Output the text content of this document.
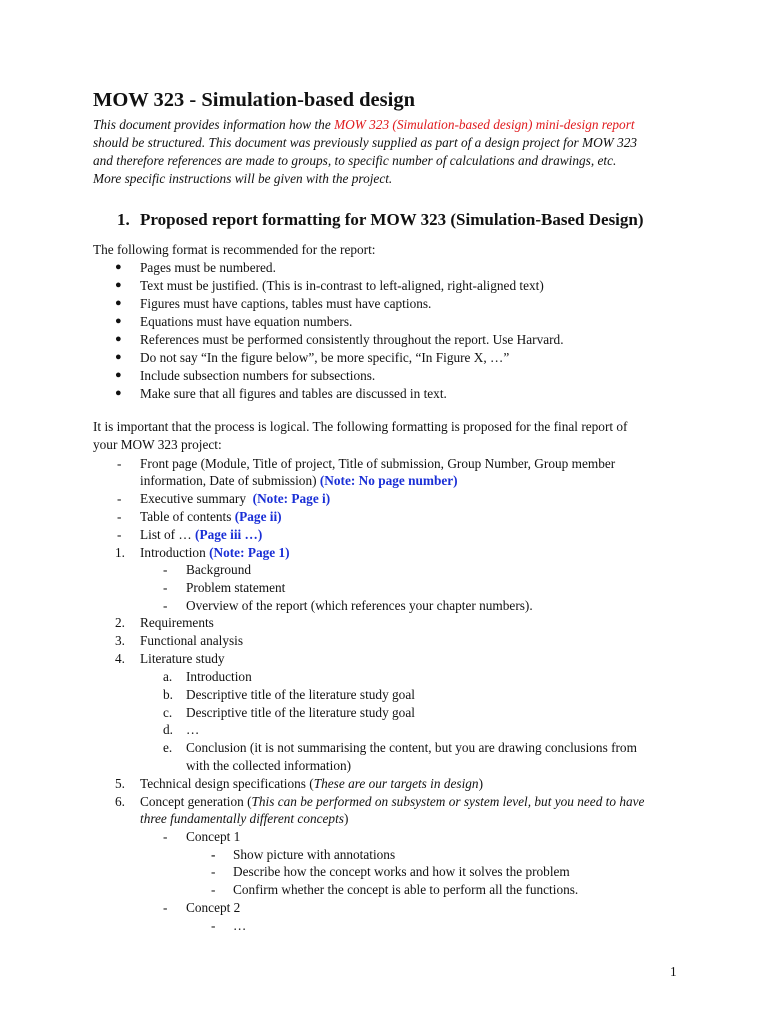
MOW 323 - Simulation-based design
This document provides information how the MOW 323 (Simulation-based design) mini-design report
should be structured. This document was previously supplied as part of a design project for MOW 323
and therefore references are made to groups, to specific number of calculations and drawings, etc.
More specific instructions will be given with the project.
1. Proposed report formatting for MOW 323 (Simulation-Based Design)
The following format is recommended for the report:
● Pages must be numbered.
● Text must be justified. (This is in-contrast to left-aligned, right-aligned text)
● Figures must have captions, tables must have captions.
● Equations must have equation numbers.
● References must be performed consistently throughout the report. Use Harvard.
● Do not say “In the figure below”, be more specific, “In Figure X, …”
● Include subsection numbers for subsections.
● Make sure that all figures and tables are discussed in text.
It is important that the process is logical. The following formatting is proposed for the final report of
your MOW 323 project:
- Front page (Module, Title of project, Title of submission, Group Number, Group member
information, Date of submission) (Note: No page number)
- Executive summary (Note: Page i)
- Table of contents (Page ii)
- List of … (Page iii …)
1. Introduction (Note: Page 1)
- Background
- Problem statement
- Overview of the report (which references your chapter numbers).
2. Requirements
3. Functional analysis
4. Literature study
a. Introduction
b. Descriptive title of the literature study goal
c. Descriptive title of the literature study goal
d. …
e. Conclusion (it is not summarising the content, but you are drawing conclusions from
with the collected information)
5. Technical design specifications (These are our targets in design)
6. Concept generation (This can be performed on subsystem or system level, but you need to have
three fundamentally different concepts)
- Concept 1
- Show picture with annotations
- Describe how the concept works and how it solves the problem
- Confirm whether the concept is able to perform all the functions.
- Concept 2
- …
1
